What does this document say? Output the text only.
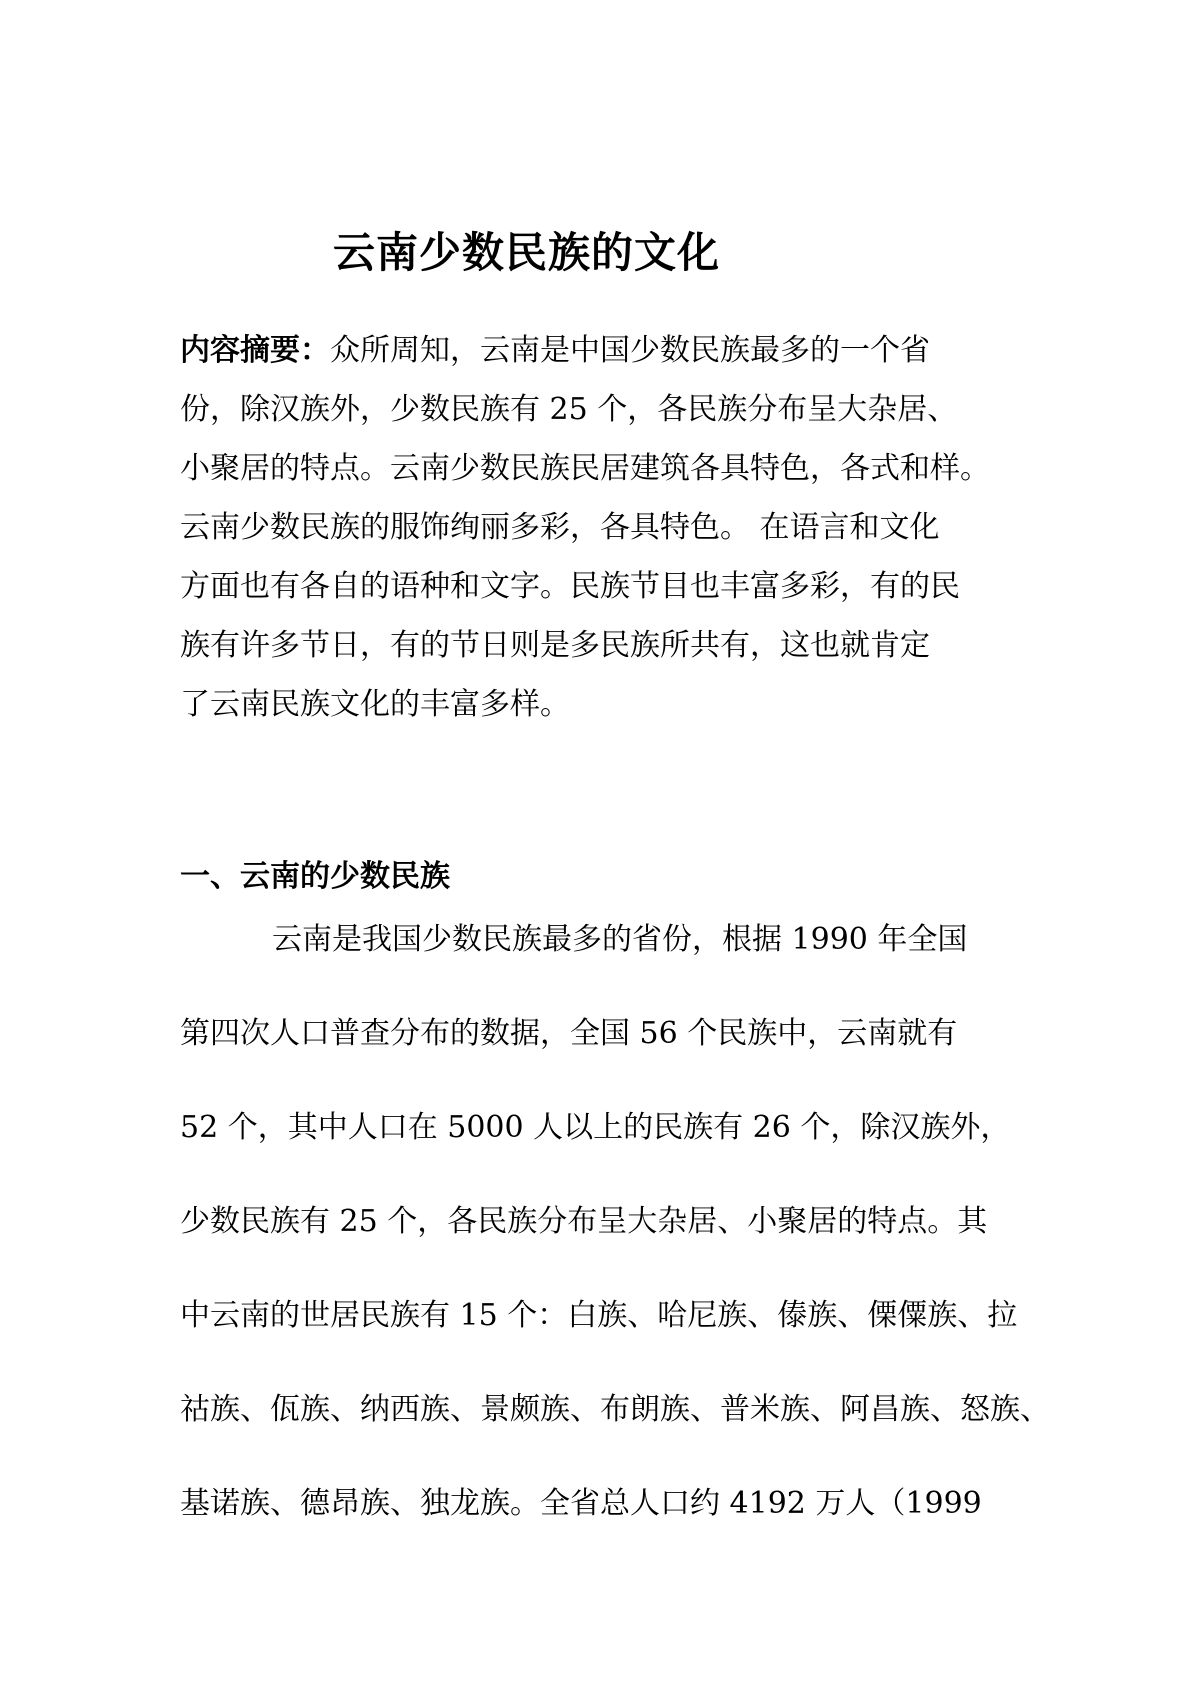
云南少数民族的文化
内容摘要：众所周知，云南是中国少数民族最多的一个省
份，除汉族外，少数民族有 25 个，各民族分布呈大杂居、
小聚居的特点。云南少数民族民居建筑各具特色，各式和样。
云南少数民族的服饰绚丽多彩，各具特色。 在语言和文化
方面也有各自的语种和文字。民族节目也丰富多彩，有的民
族有许多节日，有的节日则是多民族所共有，这也就肯定
了云南民族文化的丰富多样。
一、云南的少数民族
云南是我国少数民族最多的省份，根据 1990 年全国
第四次人口普查分布的数据，全国 56 个民族中，云南就有
52 个，其中人口在 5000 人以上的民族有 26 个，除汉族外，
少数民族有 25 个，各民族分布呈大杂居、小聚居的特点。其
中云南的世居民族有 15 个：白族、哈尼族、傣族、傈僳族、拉
祜族、佤族、纳西族、景颇族、布朗族、普米族、阿昌族、怒族、
基诺族、德昂族、独龙族。全省总人口约 4192 万人（1999
